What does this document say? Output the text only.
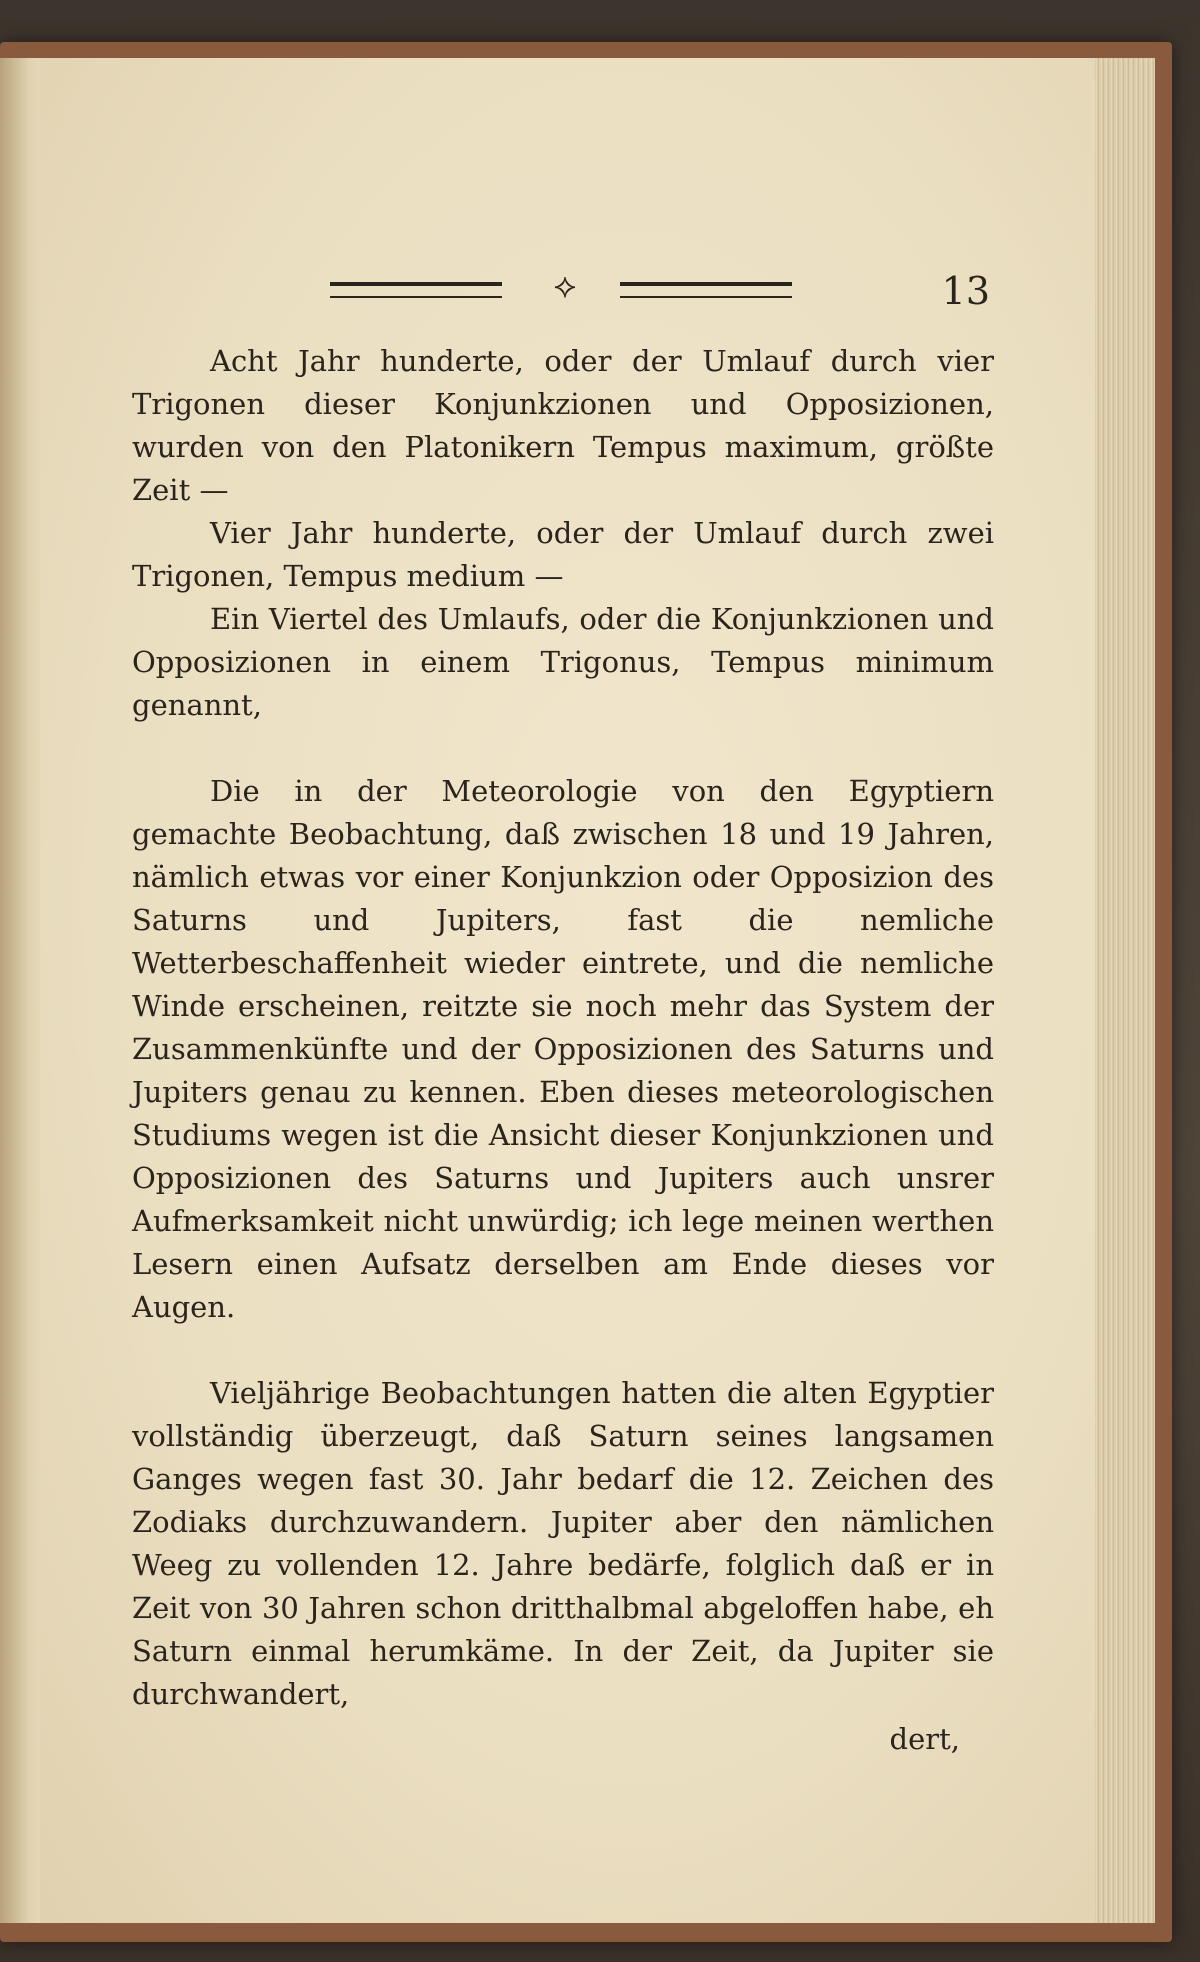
⟡	13

Acht Jahr hunderte, oder der Umlauf durch vier Trigonen dieser Konjunkzionen und Opposizionen, wurden von den Platonikern Tempus maximum, größte Zeit —

Vier Jahr hunderte, oder der Umlauf durch zwei Trigonen, Tempus medium —

Ein Viertel des Umlaufs, oder die Konjunkzionen und Opposizionen in einem Trigonus, Tempus minimum genannt,

Die in der Meteorologie von den Egyptiern gemachte Beobachtung, daß zwischen 18 und 19 Jahren, nämlich etwas vor einer Konjunkzion oder Opposizion des Saturns und Jupiters, fast die nemliche Wetterbeschaffenheit wieder eintrete, und die nemliche Winde erscheinen, reitzte sie noch mehr das System der Zusammenkünfte und der Opposizionen des Saturns und Jupiters genau zu kennen. Eben dieses meteorologischen Studiums wegen ist die Ansicht dieser Konjunkzionen und Opposizionen des Saturns und Jupiters auch unsrer Aufmerksamkeit nicht unwürdig; ich lege meinen werthen Lesern einen Aufsatz derselben am Ende dieses vor Augen.

Vieljährige Beobachtungen hatten die alten Egyptier vollständig überzeugt, daß Saturn seines langsamen Ganges wegen fast 30. Jahr bedarf die 12. Zeichen des Zodiaks durchzuwandern. Jupiter aber den nämlichen Weeg zu vollenden 12. Jahre bedärfe, folglich daß er in Zeit von 30 Jahren schon dritthalbmal abgeloffen habe, eh Saturn einmal herumkäme. In der Zeit, da Jupiter sie durchwandert,

dert,
